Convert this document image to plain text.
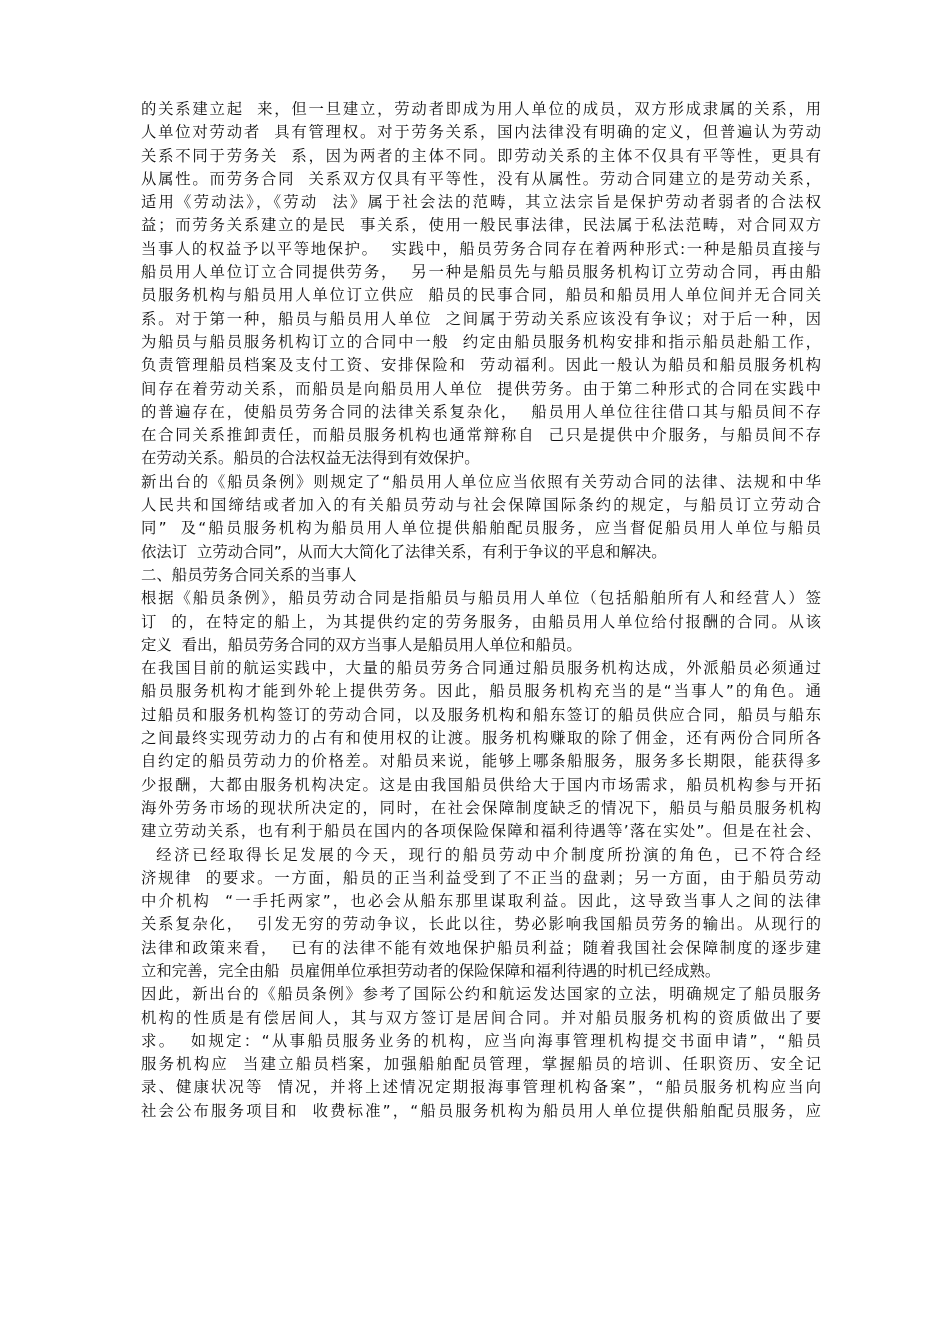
的关系建立起  来，但一旦建立，劳动者即成为用人单位的成员，双方形成隶属的关系，用
人单位对劳动者  具有管理权。对于劳务关系，国内法律没有明确的定义，但普遍认为劳动
关系不同于劳务关  系，因为两者的主体不同。即劳动关系的主体不仅具有平等性，更具有
从属性。而劳务合同  关系双方仅具有平等性，没有从属性。劳动合同建立的是劳动关系，
适用《劳动法》，《劳动  法》属于社会法的范畴，其立法宗旨是保护劳动者弱者的合法权
益；而劳务关系建立的是民  事关系，使用一般民事法律，民法属于私法范畴，对合同双方
当事人的权益予以平等地保护。  实践中，船员劳务合同存在着两种形式:一种是船员直接与
船员用人单位订立合同提供劳务，  另一种是船员先与船员服务机构订立劳动合同，再由船
员服务机构与船员用人单位订立供应  船员的民事合同，船员和船员用人单位间并无合同关
系。对于第一种，船员与船员用人单位  之间属于劳动关系应该没有争议；对于后一种，因
为船员与船员服务机构订立的合同中一般  约定由船员服务机构安排和指示船员赴船工作，
负责管理船员档案及支付工资、安排保险和  劳动福利。因此一般认为船员和船员服务机构
间存在着劳动关系，而船员是向船员用人单位  提供劳务。由于第二种形式的合同在实践中
的普遍存在，使船员劳务合同的法律关系复杂化，  船员用人单位往往借口其与船员间不存
在合同关系推卸责任，而船员服务机构也通常辩称自  己只是提供中介服务，与船员间不存
在劳动关系。船员的合法权益无法得到有效保护。
新出台的《船员条例》则规定了“船员用人单位应当依照有关劳动合同的法律、法规和中华
人民共和国缔结或者加入的有关船员劳动与社会保障国际条约的规定，与船员订立劳动合
同”  及“船员服务机构为船员用人单位提供船舶配员服务，应当督促船员用人单位与船员
依法订  立劳动合同”，从而大大简化了法律关系，有利于争议的平息和解决。
二、船员劳务合同关系的当事人
根据《船员条例》，船员劳动合同是指船员与船员用人单位（包括船舶所有人和经营人）签
订  的，在特定的船上，为其提供约定的劳务服务，由船员用人单位给付报酬的合同。从该
定义  看出，船员劳务合同的双方当事人是船员用人单位和船员。
在我国目前的航运实践中，大量的船员劳务合同通过船员服务机构达成，外派船员必须通过
船员服务机构才能到外轮上提供劳务。因此，船员服务机构充当的是“当事人”的角色。通
过船员和服务机构签订的劳动合同，以及服务机构和船东签订的船员供应合同，船员与船东
之间最终实现劳动力的占有和使用权的让渡。服务机构赚取的除了佣金，还有两份合同所各
自约定的船员劳动力的价格差。对船员来说，能够上哪条船服务，服务多长期限，能获得多
少报酬，大都由服务机构决定。这是由我国船员供给大于国内市场需求，船员机构参与开拓
海外劳务市场的现状所决定的，同时，在社会保障制度缺乏的情况下，船员与船员服务机构
建立劳动关系，也有利于船员在国内的各项保险保障和福利待遇等’落在实处”。但是在社会、
经济已经取得长足发展的今天，现行的船员劳动中介制度所扮演的角色，已不符合经
济规律  的要求。一方面，船员的正当利益受到了不正当的盘剥；另一方面，由于船员劳动
中介机构  “一手托两家”，也必会从船东那里谋取利益。因此，这导致当事人之间的法律
关系复杂化，  引发无穷的劳动争议，长此以往，势必影响我国船员劳务的输出。从现行的
法律和政策来看，  已有的法律不能有效地保护船员利益；随着我国社会保障制度的逐步建
立和完善，完全由船  员雇佣单位承担劳动者的保险保障和福利待遇的时机已经成熟。
因此，新出台的《船员条例》参考了国际公约和航运发达国家的立法，明确规定了船员服务
机构的性质是有偿居间人，其与双方签订是居间合同。并对船员服务机构的资质做出了要
求。  如规定：“从事船员服务业务的机构，应当向海事管理机构提交书面申请”，“船员
服务机构应  当建立船员档案，加强船舶配员管理，掌握船员的培训、任职资历、安全记
录、健康状况等  情况，并将上述情况定期报海事管理机构备案”，“船员服务机构应当向
社会公布服务项目和  收费标准”，“船员服务机构为船员用人单位提供船舶配员服务，应
